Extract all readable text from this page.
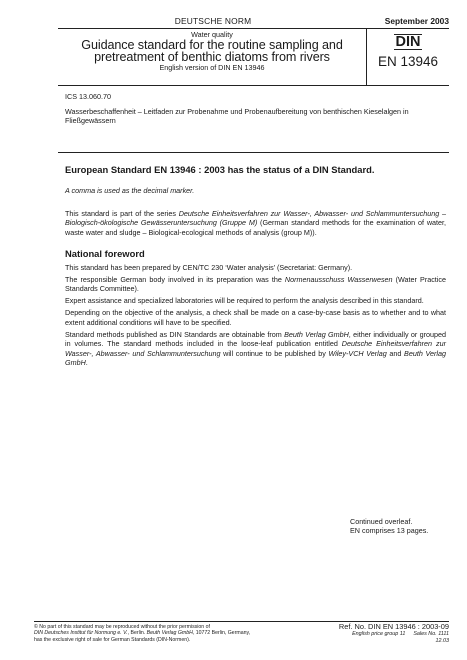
DEUTSCHE NORM	September 2003
Water quality
Guidance standard for the routine sampling and
pretreatment of benthic diatoms from rivers
English version of DIN EN 13946
DIN
EN 13946
ICS 13.060.70
Wasserbeschaffenheit – Leitfaden zur Probenahme und Probenaufbereitung von benthischen Kieselalgen in Fließgewässern
European Standard EN 13946 : 2003 has the status of a DIN Standard.
A comma is used as the decimal marker.
This standard is part of the series Deutsche Einheitsverfahren zur Wasser-, Abwasser- und Schlammuntersuchung – Biologisch-ökologische Gewässeruntersuchung (Gruppe M) (German standard methods for the examination of water, waste water and sludge – Biological-ecological methods of analysis (group M)).
National foreword

This standard has been prepared by CEN/TC 230 ‘Water analysis’ (Secretariat: Germany).

The responsible German body involved in its preparation was the Normenausschuss Wasserwesen (Water Practice Standards Committee).

Expert assistance and specialized laboratories will be required to perform the analysis described in this standard.

Depending on the objective of the analysis, a check shall be made on a case-by-case basis as to whether and to what extent additional conditions will have to be specified.

Standard methods published as DIN Standards are obtainable from Beuth Verlag GmbH, either individually or grouped in volumes. The standard methods included in the loose-leaf publication entitled Deutsche Einheitsverfahren zur Wasser-, Abwasser- und Schlammuntersuchung will continue to be published by Wiley-VCH Verlag and Beuth Verlag GmbH.

Continued overleaf.
EN comprises 13 pages.
© No part of this standard may be reproduced without the prior permission of
DIN Deutsches Institut für Normung e. V., Berlin. Beuth Verlag GmbH, 10772 Berlin, Germany,
has the exclusive right of sale for German Standards (DIN-Normen).
Ref. No. DIN EN 13946 : 2003-09
English price group 11 Sales No. 1111
12.03
